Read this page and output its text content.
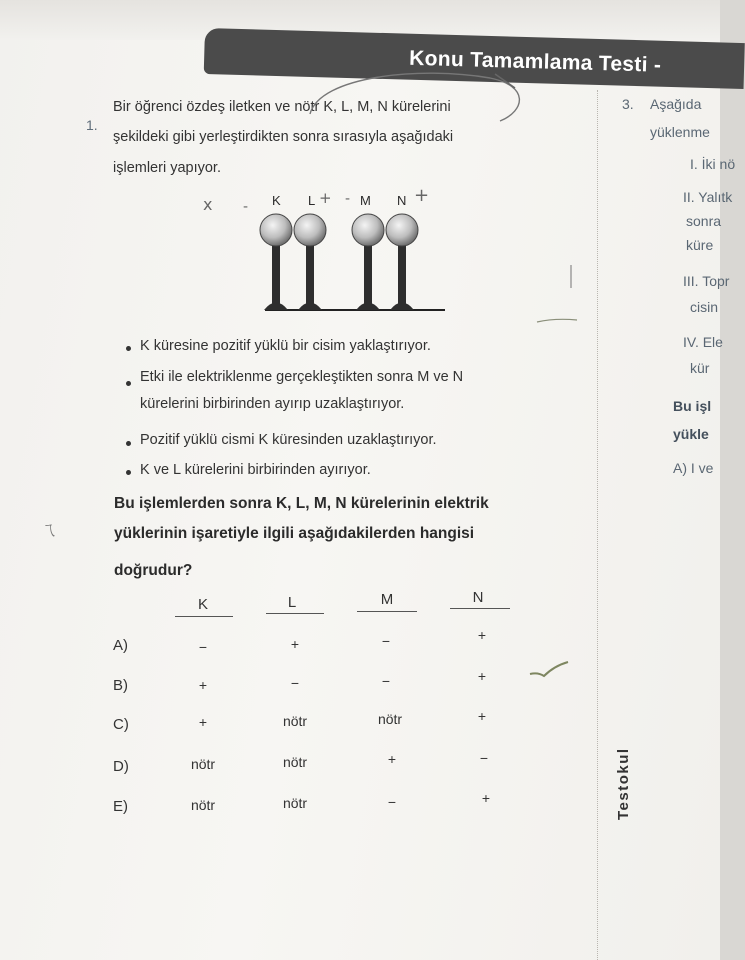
Konu Tamamlama Testi -
1.
Bir öğrenci özdeş iletken ve nötr K, L, M, N kürelerini
şekildeki gibi yerleştirdikten sonra sırasıyla aşağıdaki
işlemleri yapıyor.
x - K L + - M N +
K küresine pozitif yüklü bir cisim yaklaştırıyor.
Etki ile elektriklenme gerçekleştikten sonra M ve N
kürelerini birbirinden ayırıp uzaklaştırıyor.
Pozitif yüklü cismi K küresinden uzaklaştırıyor.
K ve L kürelerini birbirinden ayırıyor.
ㄟ
Bu işlemlerden sonra K, L, M, N kürelerinin elektrik
yüklerinin işaretiyle ilgili aşağıdakilerden hangisi
doğrudur?
K	L	M	N
A)	−	+	−	+
B)	+	−	−	+
C)	+	nötr	nötr	+
D)	nötr	nötr	+	−
E)	nötr	nötr	−	+
3. Aşağıda
yüklenme
I. İki nö
II. Yalıtk
sonra
küre
III. Topr
cisin
IV. Ele
kür
Bu işl
yükle
A) I ve
Testokul
